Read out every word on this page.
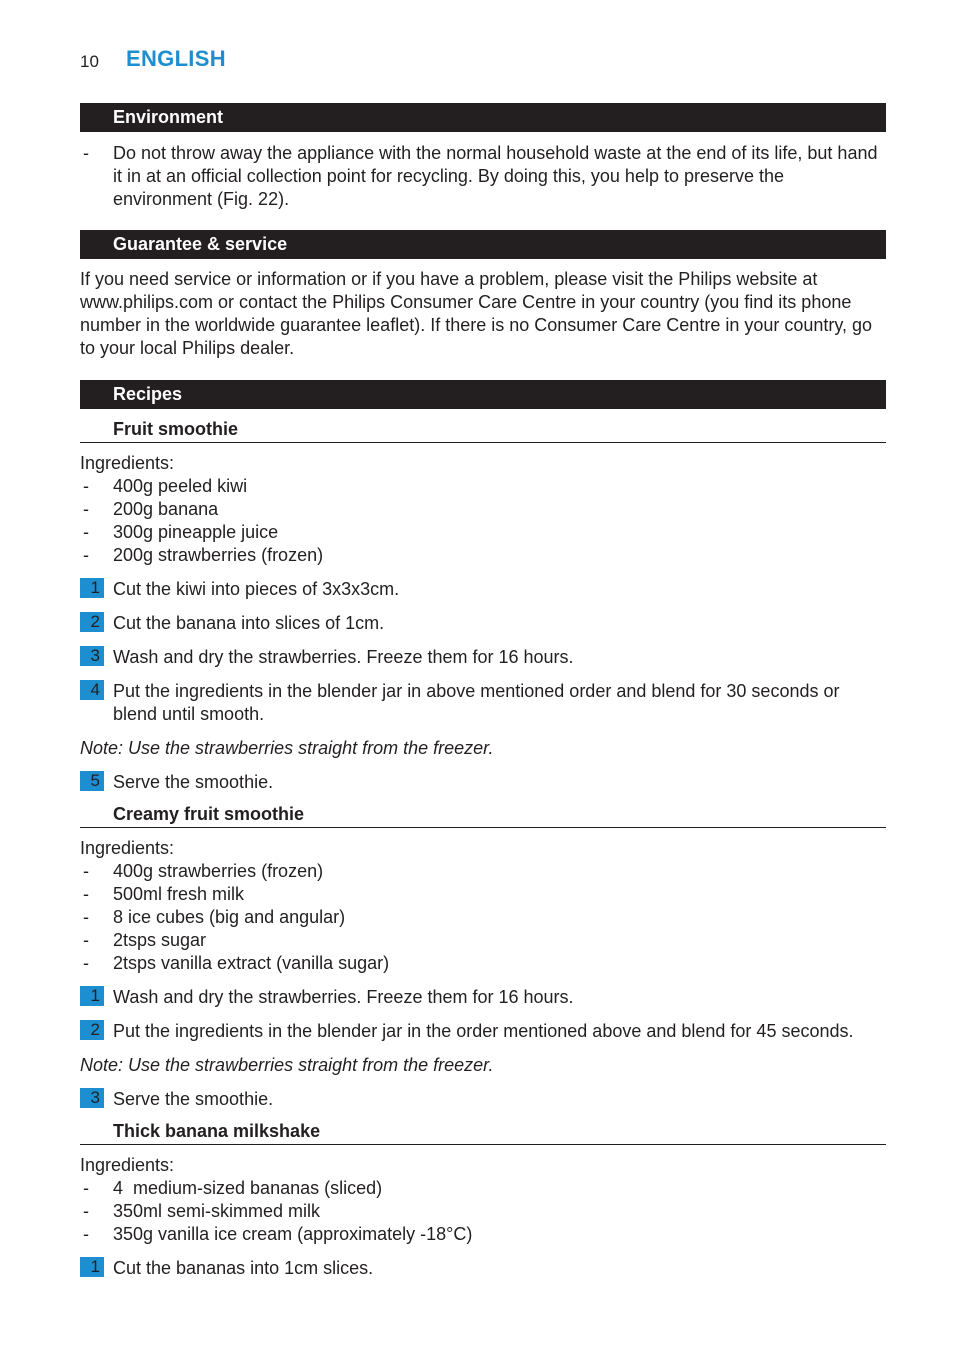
10 ENGLISH
Environment
- Do not throw away the appliance with the normal household waste at the end of its life, but hand it in at an official collection point for recycling. By doing this, you help to preserve the environment (Fig. 22).
Guarantee & service
If you need service or information or if you have a problem, please visit the Philips website at www.philips.com or contact the Philips Consumer Care Centre in your country (you find its phone number in the worldwide guarantee leaflet). If there is no Consumer Care Centre in your country, go to your local Philips dealer.
Recipes
Fruit smoothie
Ingredients:
- 400g peeled kiwi
- 200g banana
- 300g pineapple juice
- 200g strawberries (frozen)
1 Cut the kiwi into pieces of 3x3x3cm.
2 Cut the banana into slices of 1cm.
3 Wash and dry the strawberries. Freeze them for 16 hours.
4 Put the ingredients in the blender jar in above mentioned order and blend for 30 seconds or blend until smooth.
Note: Use the strawberries straight from the freezer.
5 Serve the smoothie.
Creamy fruit smoothie
Ingredients:
- 400g strawberries (frozen)
- 500ml fresh milk
- 8 ice cubes (big and angular)
- 2tsps sugar
- 2tsps vanilla extract (vanilla sugar)
1 Wash and dry the strawberries. Freeze them for 16 hours.
2 Put the ingredients in the blender jar in the order mentioned above and blend for 45 seconds.
Note: Use the strawberries straight from the freezer.
3 Serve the smoothie.
Thick banana milkshake
Ingredients:
- 4  medium-sized bananas (sliced)
- 350ml semi-skimmed milk
- 350g vanilla ice cream (approximately -18°C)
1 Cut the bananas into 1cm slices.
